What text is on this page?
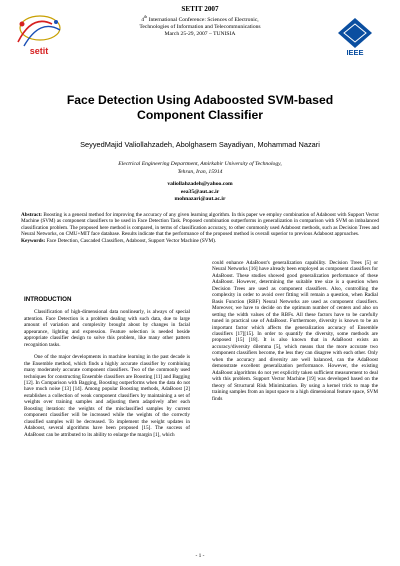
setit
SETIT 2007
4th International Conference: Sciences of Electronic,
Technologies of Information and Telecommunications
March 25-29, 2007 – TUNISIA
IEEE
Face Detection Using Adaboosted SVM-based
Component Classifier
SeyyedMajid Valiollahzadeh, Abolghasem Sayadiyan, Mohammad Nazari
Electrical Engineering Department, Amirkabir University of Technology,
Tehran, Iran, 15914
valiollahzadeh@yahoo.com
eea35@aut.ac.ir
mohnazari@aut.ac.ir
Abstract: Boosting is a general method for improving the accuracy of any given learning algorithm. In this paper we employ combination of Adaboost with Support Vector Machine (SVM) as component classifiers to be used in Face Detection Task. Proposed combination outperforms in generalization in comparison with SVM on imbalanced classification problem. The proposed here method is compared, in terms of classification accuracy, to other commonly used Adaboost methods, such as Decision Trees and Neural Networks, on CMU+MIT face database. Results indicate that the performance of the proposed method is overall superior to previous Adaboost approaches.
Keywords: Face Detection, Cascaded Classifiers, Adaboost, Support Vector Machine (SVM).
INTRODUCTION

Classification of high-dimensional data nonlinearly, is always of special attention. Face Detection is a problem dealing with such data, due to large amount of variation and complexity brought about by changes in facial appearance, lighting and expression. Feature selection is needed beside appropriate classifier design to solve this problem, like many other pattern recognition tasks.

One of the major developments in machine learning in the past decade is the Ensemble method, which finds a highly accurate classifier by combining many moderately accurate component classifiers. Two of the commonly used techniques for constructing Ensemble classifiers are Boosting [11] and Bagging [12]. In Comparison with Bagging, Boosting outperforms when the data do not have much noise [13] [14]. Among popular Boosting methods, AdaBoost [2] establishes a collection of weak component classifiers by maintaining a set of weights over training samples and adjusting them adaptively after each Boosting iteration: the weights of the misclassified samples by current component classifier will be increased while the weights of the correctly classified samples will be decreased. To implement the weight updates in Adaboost, several algorithms have been proposed [15]. The success of AdaBoost can be attributed to its ability to enlarge the margin [1], which

could enhance AdaBoost's generalization capability. Decision Trees [5] or Neural Networks [16] have already been employed as component classifiers for AdaBoost. These studies showed good generalization performance of these AdaBoost. However, determining the suitable tree size is a question when Decision Trees are used as component classifiers. Also, controlling the complexity in order to avoid over fitting will remain a question, when Radial Basis Function (RBF) Neural Networks are used as component classifiers. Moreover, we have to decide on the optimum number of centers and also on setting the width values of the RBFs. All these factors have to be carefully tuned in practical use of AdaBoost. Furthermore, diversity is known to be an important factor which affects the generalization accuracy of Ensemble classifiers [17][15]. In order to quantify the diversity, some methods are proposed [15] [18]. It is also known that in AdaBoost exists an accuracy/diversity dilemma [5], which means that the more accurate two component classifiers become, the less they can disagree with each other. Only when the accuracy and diversity are well balanced, can the AdaBoost demonstrate excellent generalization performance. However, the existing AdaBoost algorithms do not yet explicitly taken sufficient measurement to deal with this problem. Support Vector Machine [19] was developed based on the theory of Structural Risk Minimization. By using a kernel trick to map the training samples from an input space to a high dimensional feature space, SVM finds

- 1 -
